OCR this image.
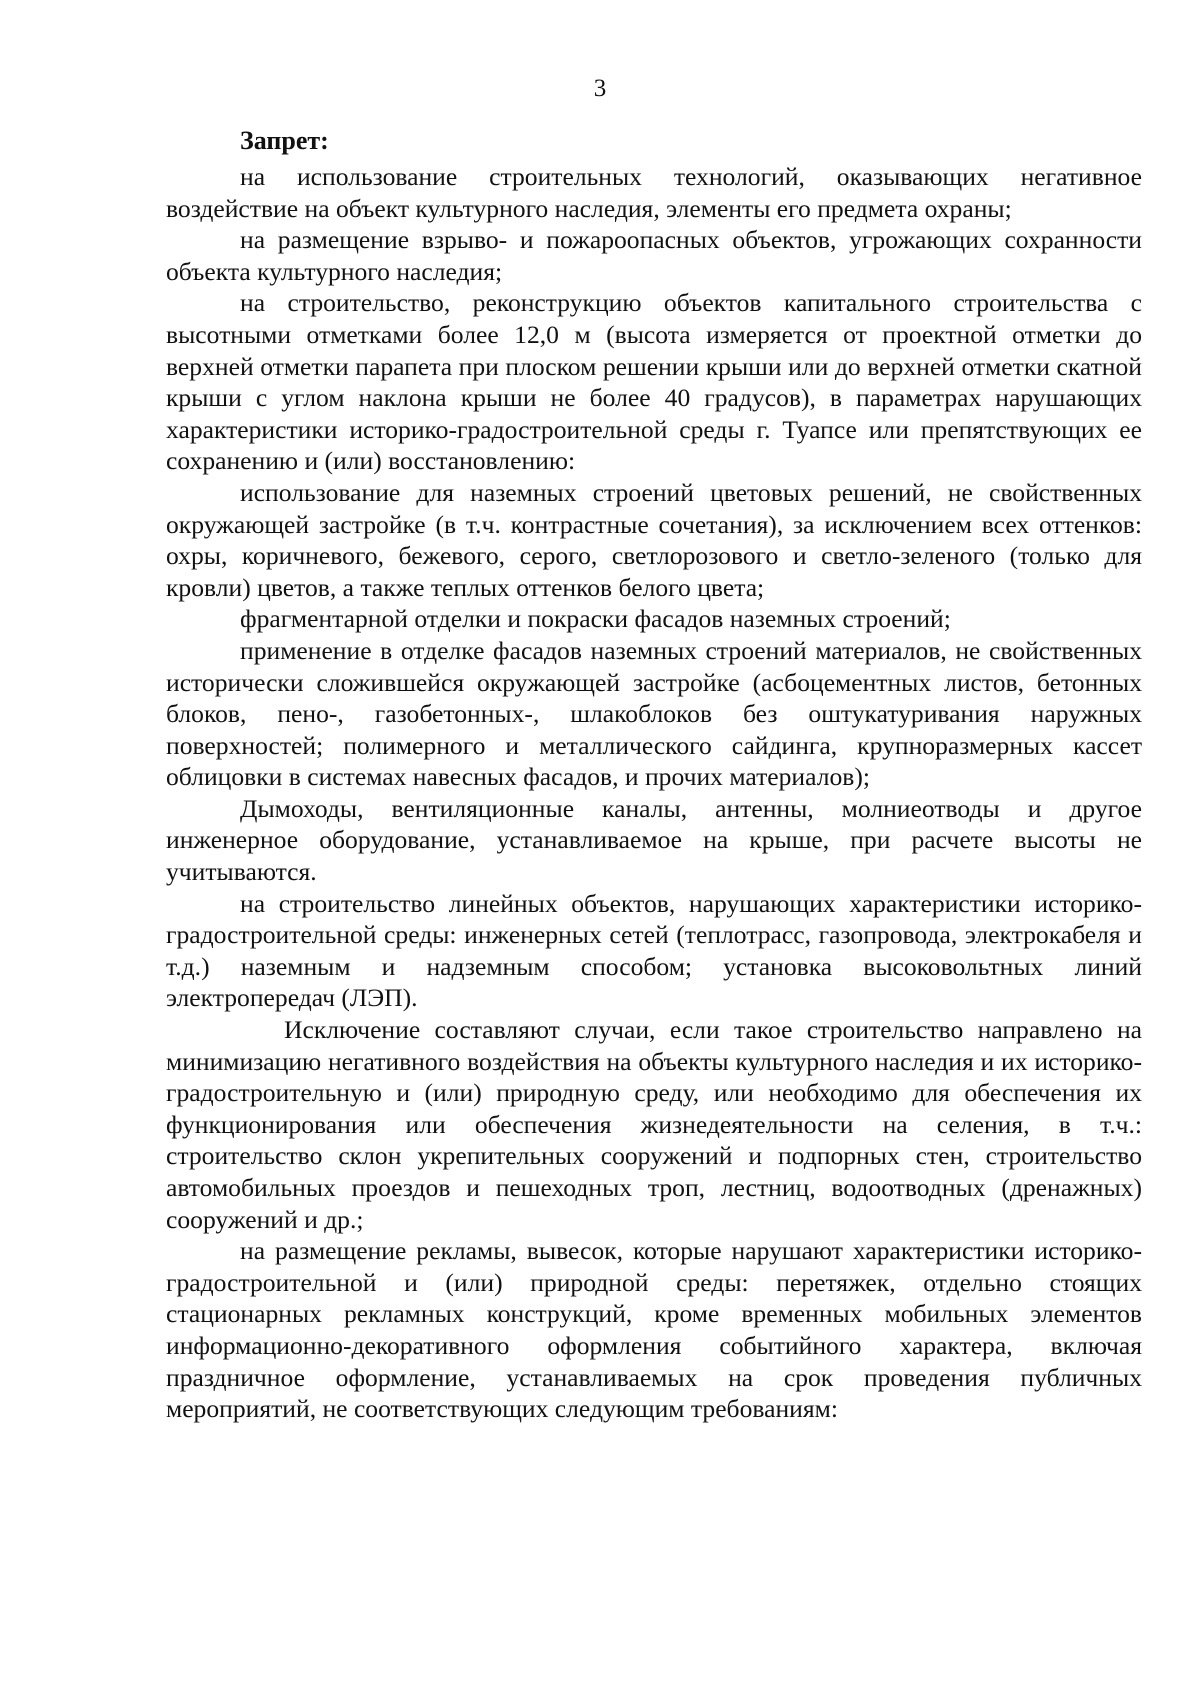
3
Запрет:

на использование строительных технологий, оказывающих негативное воздействие на объект культурного наследия, элементы его предмета охраны;

на размещение взрыво- и пожароопасных объектов, угрожающих сохранности объекта культурного наследия;

на строительство, реконструкцию объектов капитального строительства с высотными отметками более 12,0 м (высота измеряется от проектной отметки до верхней отметки парапета при плоском решении крыши или до верхней отметки скатной крыши с углом наклона крыши не более 40 градусов), в параметрах нарушающих характеристики историко-градостроительной среды г. Туапсе или препятствующих ее сохранению и (или) восстановлению:

использование для наземных строений цветовых решений, не свойственных окружающей застройке (в т.ч. контрастные сочетания), за исключением всех оттенков: охры, коричневого, бежевого, серого, светлорозового и светло-зеленого (только для кровли) цветов, а также теплых оттенков белого цвета;

фрагментарной отделки и покраски фасадов наземных строений;

применение в отделке фасадов наземных строений материалов, не свойственных исторически сложившейся окружающей застройке (асбоцементных листов, бетонных блоков, пено-, газобетонных-, шлакоблоков без оштукатуривания наружных поверхностей; полимерного и металлического сайдинга, крупноразмерных кассет облицовки в системах навесных фасадов, и прочих материалов);

Дымоходы, вентиляционные каналы, антенны, молниеотводы и другое инженерное оборудование, устанавливаемое на крыше, при расчете высоты не учитываются.

на строительство линейных объектов, нарушающих характеристики историко-градостроительной среды: инженерных сетей (теплотрасс, газопровода, электрокабеля и т.д.) наземным и надземным способом; установка высоковольтных линий электропередач (ЛЭП).

Исключение составляют случаи, если такое строительство направлено на минимизацию негативного воздействия на объекты культурного наследия и их историко-градостроительную и (или) природную среду, или необходимо для обеспечения их функционирования или обеспечения жизнедеятельности на селения, в т.ч.: строительство склон укрепительных сооружений и подпорных стен, строительство автомобильных проездов и пешеходных троп, лестниц, водоотводных (дренажных) сооружений и др.;

на размещение рекламы, вывесок, которые нарушают характеристики историко-градостроительной и (или) природной среды: перетяжек, отдельно стоящих стационарных рекламных конструкций, кроме временных мобильных элементов информационно-декоративного оформления событийного характера, включая праздничное оформление, устанавливаемых на срок проведения публичных мероприятий, не соответствующих следующим требованиям:
